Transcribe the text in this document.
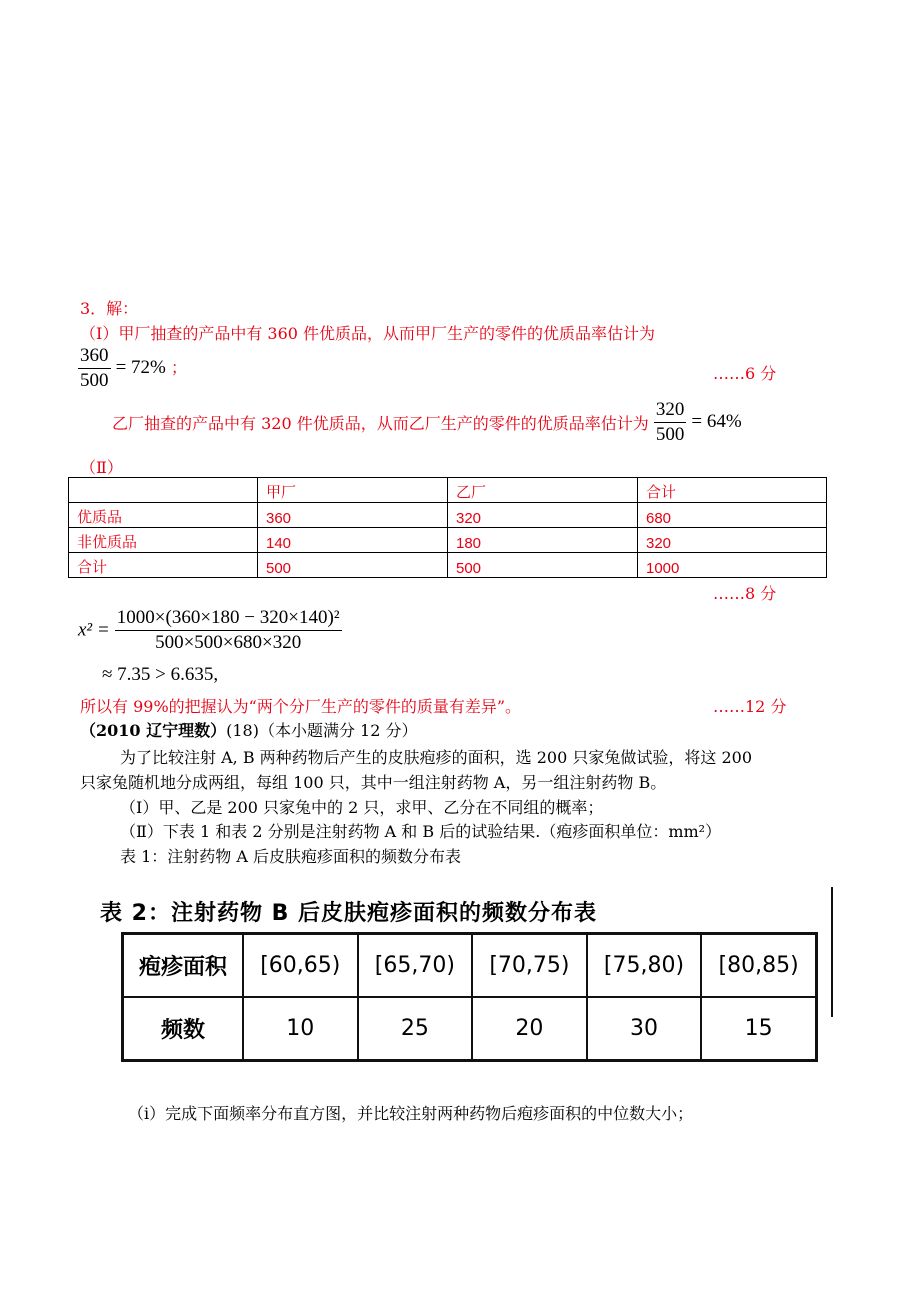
3．解：
（Ⅰ）甲厂抽查的产品中有 360 件优质品，从而甲厂生产的零件的优质品率估计为
$\frac{360}{500} = 72\%$ ；	……6 分
乙厂抽查的产品中有 320 件优质品，从而乙厂生产的零件的优质品率估计为 $\frac{320}{500} = 64\%$
（Ⅱ）
	甲厂	乙厂	合计
优质品	360	320	680
非优质品	140	180	320
合计	500	500	1000
……8 分
$x^2 = \frac{\text{1000×(360×180 − 320×140)²}}{500\times 500\times 680\times 320}$
≈ 7.35 > 6.635,
所以有 99%的把握认为“两个分厂生产的零件的质量有差异”。	……12 分
（2010 辽宁理数）(18)（本小题满分 12 分）
为了比较注射 A, B 两种药物后产生的皮肤疱疹的面积，选 200 只家兔做试验，将这 200
只家兔随机地分成两组，每组 100 只，其中一组注射药物 A，另一组注射药物 B。
（Ⅰ）甲、乙是 200 只家兔中的 2 只，求甲、乙分在不同组的概率；
（Ⅱ）下表 1 和表 2 分别是注射药物 A 和 B 后的试验结果.（疱疹面积单位：mm²）
表 1：注射药物 A 后皮肤疱疹面积的频数分布表
表 2：注射药物 B 后皮肤疱疹面积的频数分布表
疱疹面积	[60,65)	[65,70)	[70,75)	[75,80)	[80,85)
频数	10	25	20	30	15
（ⅰ）完成下面频率分布直方图，并比较注射两种药物后疱疹面积的中位数大小；
